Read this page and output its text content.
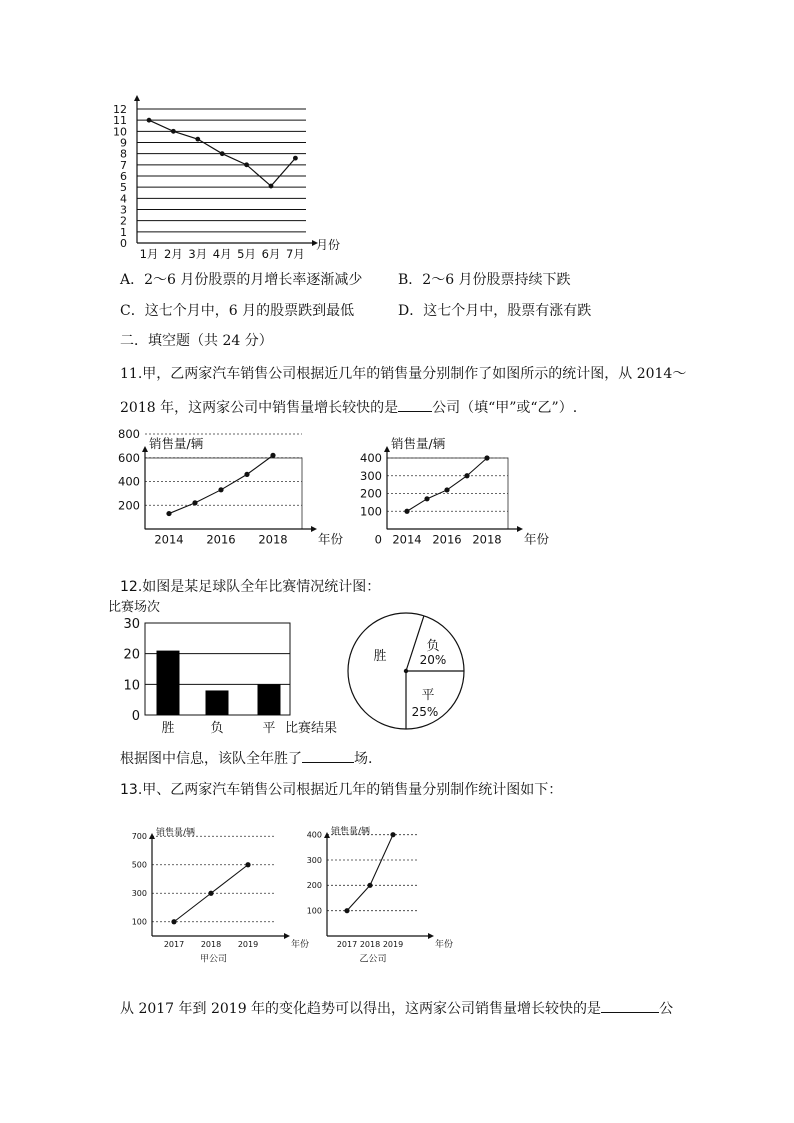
0
1
2
3
4
5
6
7
8
9
10
11
12
1月 2月 3月 4月 5月 6月 7月
月份
A．2～6 月份股票的月增长率逐渐减少	B．2～6 月份股票持续下跌
C．这七个月中，6 月的股票跌到最低	D．这七个月中，股票有涨有跌
二．填空题（共 24 分）
11.甲，乙两家汽车销售公司根据近几年的销售量分别制作了如图所示的统计图，从 2014～
2018 年，这两家公司中销售量增长较快的是 公司（填“甲”或“乙”）.
200
400
600
800
销售量/辆
年份
2014 2016 2018
100
200
300
400
销售量/辆
年份
0 2014 2016 2018
12.如图是某足球队全年比赛情况统计图：
比赛场次
0
10
20
30
胜	负	平 比赛结果
胜
负
20%
平
25%
根据图中信息，该队全年胜了	场.
13.甲、乙两家汽车销售公司根据近几年的销售量分别制作统计图如下：
100
300
500
700 销售量/辆
年份
2017 2018 2019
甲公司
100
200
300
400 销售量/辆
年份
2017 2018 2019
乙公司
从 2017 年到 2019 年的变化趋势可以得出，这两家公司销售量增长较快的是	公
